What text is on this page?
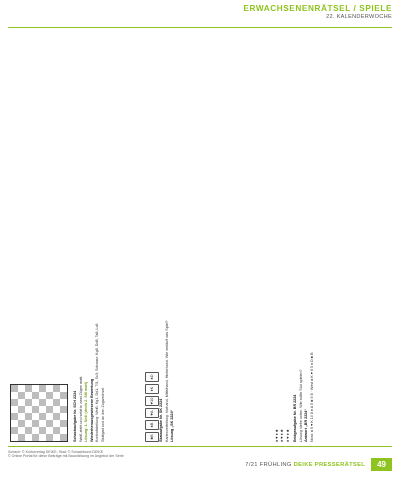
ERWACHSENENRÄTSEL / SPIELE
22. KALENDERWOCHE
♠ ♥ ♦ ♣ ♠ ♥ ♦ ♣ ♠ ♥ ♦ ♣ Bridgeaufgabe Nr. BR 2224 Lösung siehe unten. Wie sollte Süd spielen? Antwort „BR 2224“ Nord: ♠ 9 ♥ K 10 8 ♦ A 5 ♣ 9 8 · West ♠ K ♥ 6 5 ♦ D ♣ B
♣B
♠B
♥A
♥10
♦K
♠D
Skataufgabe Nr. SK 2224 Kartenverteilung: Vorhand, Mittelhand, Hinterhand. Wie verläuft das Spiel? Lösung „SK 2224“
Schachaufgabe Nr. SCH 2224 Weiß zieht und setzt in zwei Zügen matt. Lösung: 1. Se4! (droht 2. Sf6 matt) Wiederherausgewiesene Bewertung Kontrollstellung: Weiß: Kg1, Dd1, Tf1, Sc3; Schwarz: Kg8, Dd8, Ta8, Lc8 Stuttgart und an den Zugwechsel.
Schach: © Kulturverlag DEIKE; Skat: © Schachbund DEIKE
© Online Portal für diese Beiträge mit Bauchlösung im Angebot der Serie
7/21 FRÜHLING DEIKE PRESSERÄTSEL	49
